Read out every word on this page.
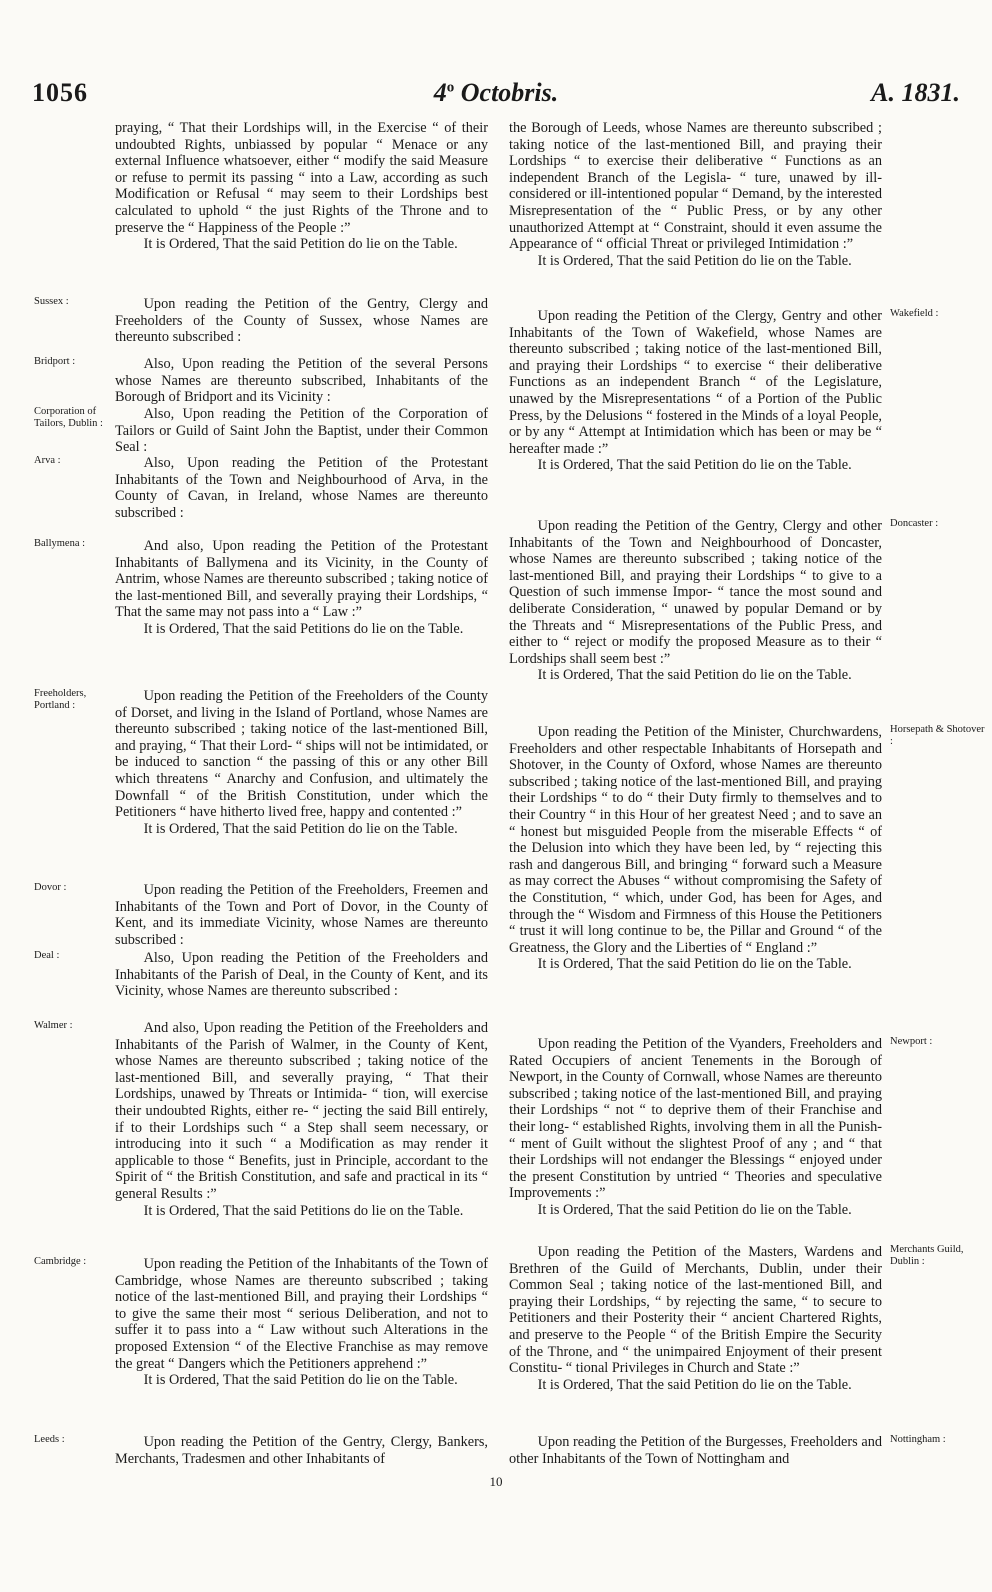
1056	4$^o$ Octobris.	A. 1831.
praying, “ That their Lordships will, in the Exercise “ of their undoubted Rights, unbiassed by popular “ Menace or any external Influence whatsoever, either “ modify the said Measure or refuse to permit its passing “ into a Law, according as such Modification or Refusal “ may seem to their Lordships best calculated to uphold “ the just Rights of the Throne and to preserve the “ Happiness of the People :”
It is Ordered, That the said Petition do lie on the Table.
Upon reading the Petition of the Gentry, Clergy and Freeholders of the County of Sussex, whose Names are thereunto subscribed :
Also, Upon reading the Petition of the several Persons whose Names are thereunto subscribed, Inhabitants of the Borough of Bridport and its Vicinity :
Also, Upon reading the Petition of the Corporation of Tailors or Guild of Saint John the Baptist, under their Common Seal :
Also, Upon reading the Petition of the Protestant Inhabitants of the Town and Neighbourhood of Arva, in the County of Cavan, in Ireland, whose Names are thereunto subscribed :
And also, Upon reading the Petition of the Protestant Inhabitants of Ballymena and its Vicinity, in the County of Antrim, whose Names are thereunto subscribed ; taking notice of the last-mentioned Bill, and severally praying their Lordships, “ That the same may not pass into a “ Law :”
It is Ordered, That the said Petitions do lie on the Table.
Upon reading the Petition of the Freeholders of the County of Dorset, and living in the Island of Portland, whose Names are thereunto subscribed ; taking notice of the last-mentioned Bill, and praying, “ That their Lord- “ ships will not be intimidated, or be induced to sanction “ the passing of this or any other Bill which threatens “ Anarchy and Confusion, and ultimately the Downfall “ of the British Constitution, under which the Petitioners “ have hitherto lived free, happy and contented :”
It is Ordered, That the said Petition do lie on the Table.
Upon reading the Petition of the Freeholders, Freemen and Inhabitants of the Town and Port of Dovor, in the County of Kent, and its immediate Vicinity, whose Names are thereunto subscribed :
Also, Upon reading the Petition of the Freeholders and Inhabitants of the Parish of Deal, in the County of Kent, and its Vicinity, whose Names are thereunto subscribed :
And also, Upon reading the Petition of the Freeholders and Inhabitants of the Parish of Walmer, in the County of Kent, whose Names are thereunto subscribed ; taking notice of the last-mentioned Bill, and severally praying, “ That their Lordships, unawed by Threats or Intimida- “ tion, will exercise their undoubted Rights, either re- “ jecting the said Bill entirely, if to their Lordships such “ a Step shall seem necessary, or introducing into it such “ a Modification as may render it applicable to those “ Benefits, just in Principle, accordant to the Spirit of “ the British Constitution, and safe and practical in its “ general Results :”
It is Ordered, That the said Petitions do lie on the Table.
Upon reading the Petition of the Inhabitants of the Town of Cambridge, whose Names are thereunto subscribed ; taking notice of the last-mentioned Bill, and praying their Lordships “ to give the same their most “ serious Deliberation, and not to suffer it to pass into a “ Law without such Alterations in the proposed Extension “ of the Elective Franchise as may remove the great “ Dangers which the Petitioners apprehend :”
It is Ordered, That the said Petition do lie on the Table.
Upon reading the Petition of the Gentry, Clergy, Bankers, Merchants, Tradesmen and other Inhabitants of
the Borough of Leeds, whose Names are thereunto subscribed ; taking notice of the last-mentioned Bill, and praying their Lordships “ to exercise their deliberative “ Functions as an independent Branch of the Legisla- “ ture, unawed by ill-considered or ill-intentioned popular “ Demand, by the interested Misrepresentation of the “ Public Press, or by any other unauthorized Attempt at “ Constraint, should it even assume the Appearance of “ official Threat or privileged Intimidation :”
It is Ordered, That the said Petition do lie on the Table.
Upon reading the Petition of the Clergy, Gentry and other Inhabitants of the Town of Wakefield, whose Names are thereunto subscribed ; taking notice of the last-mentioned Bill, and praying their Lordships “ to exercise “ their deliberative Functions as an independent Branch “ of the Legislature, unawed by the Misrepresentations “ of a Portion of the Public Press, by the Delusions “ fostered in the Minds of a loyal People, or by any “ Attempt at Intimidation which has been or may be “ hereafter made :”
It is Ordered, That the said Petition do lie on the Table.
Upon reading the Petition of the Gentry, Clergy and other Inhabitants of the Town and Neighbourhood of Doncaster, whose Names are thereunto subscribed ; taking notice of the last-mentioned Bill, and praying their Lordships “ to give to a Question of such immense Impor- “ tance the most sound and deliberate Consideration, “ unawed by popular Demand or by the Threats and “ Misrepresentations of the Public Press, and either to “ reject or modify the proposed Measure as to their “ Lordships shall seem best :”
It is Ordered, That the said Petition do lie on the Table.
Upon reading the Petition of the Minister, Churchwardens, Freeholders and other respectable Inhabitants of Horsepath and Shotover, in the County of Oxford, whose Names are thereunto subscribed ; taking notice of the last-mentioned Bill, and praying their Lordships “ to do “ their Duty firmly to themselves and to their Country “ in this Hour of her greatest Need ; and to save an “ honest but misguided People from the miserable Effects “ of the Delusion into which they have been led, by “ rejecting this rash and dangerous Bill, and bringing “ forward such a Measure as may correct the Abuses “ without compromising the Safety of the Constitution, “ which, under God, has been for Ages, and through the “ Wisdom and Firmness of this House the Petitioners “ trust it will long continue to be, the Pillar and Ground “ of the Greatness, the Glory and the Liberties of “ England :”
It is Ordered, That the said Petition do lie on the Table.
Upon reading the Petition of the Vyanders, Freeholders and Rated Occupiers of ancient Tenements in the Borough of Newport, in the County of Cornwall, whose Names are thereunto subscribed ; taking notice of the last-mentioned Bill, and praying their Lordships “ not “ to deprive them of their Franchise and their long- “ established Rights, involving them in all the Punish- “ ment of Guilt without the slightest Proof of any ; and “ that their Lordships will not endanger the Blessings “ enjoyed under the present Constitution by untried “ Theories and speculative Improvements :”
It is Ordered, That the said Petition do lie on the Table.
Upon reading the Petition of the Masters, Wardens and Brethren of the Guild of Merchants, Dublin, under their Common Seal ; taking notice of the last-mentioned Bill, and praying their Lordships, “ by rejecting the same, “ to secure to Petitioners and their Posterity their “ ancient Chartered Rights, and preserve to the People “ of the British Empire the Security of the Throne, and “ the unimpaired Enjoyment of their present Constitu- “ tional Privileges in Church and State :”
It is Ordered, That the said Petition do lie on the Table.
Upon reading the Petition of the Burgesses, Freeholders and other Inhabitants of the Town of Nottingham and
Sussex :
Bridport :
Corporation of Tailors, Dublin :
Arva :
Ballymena :
Freeholders, Portland :
Dovor :
Deal :
Walmer :
Cambridge :
Leeds :
Wakefield :
Doncaster :
Horsepath & Shotover :
Newport :
Merchants Guild, Dublin :
Nottingham :
10
